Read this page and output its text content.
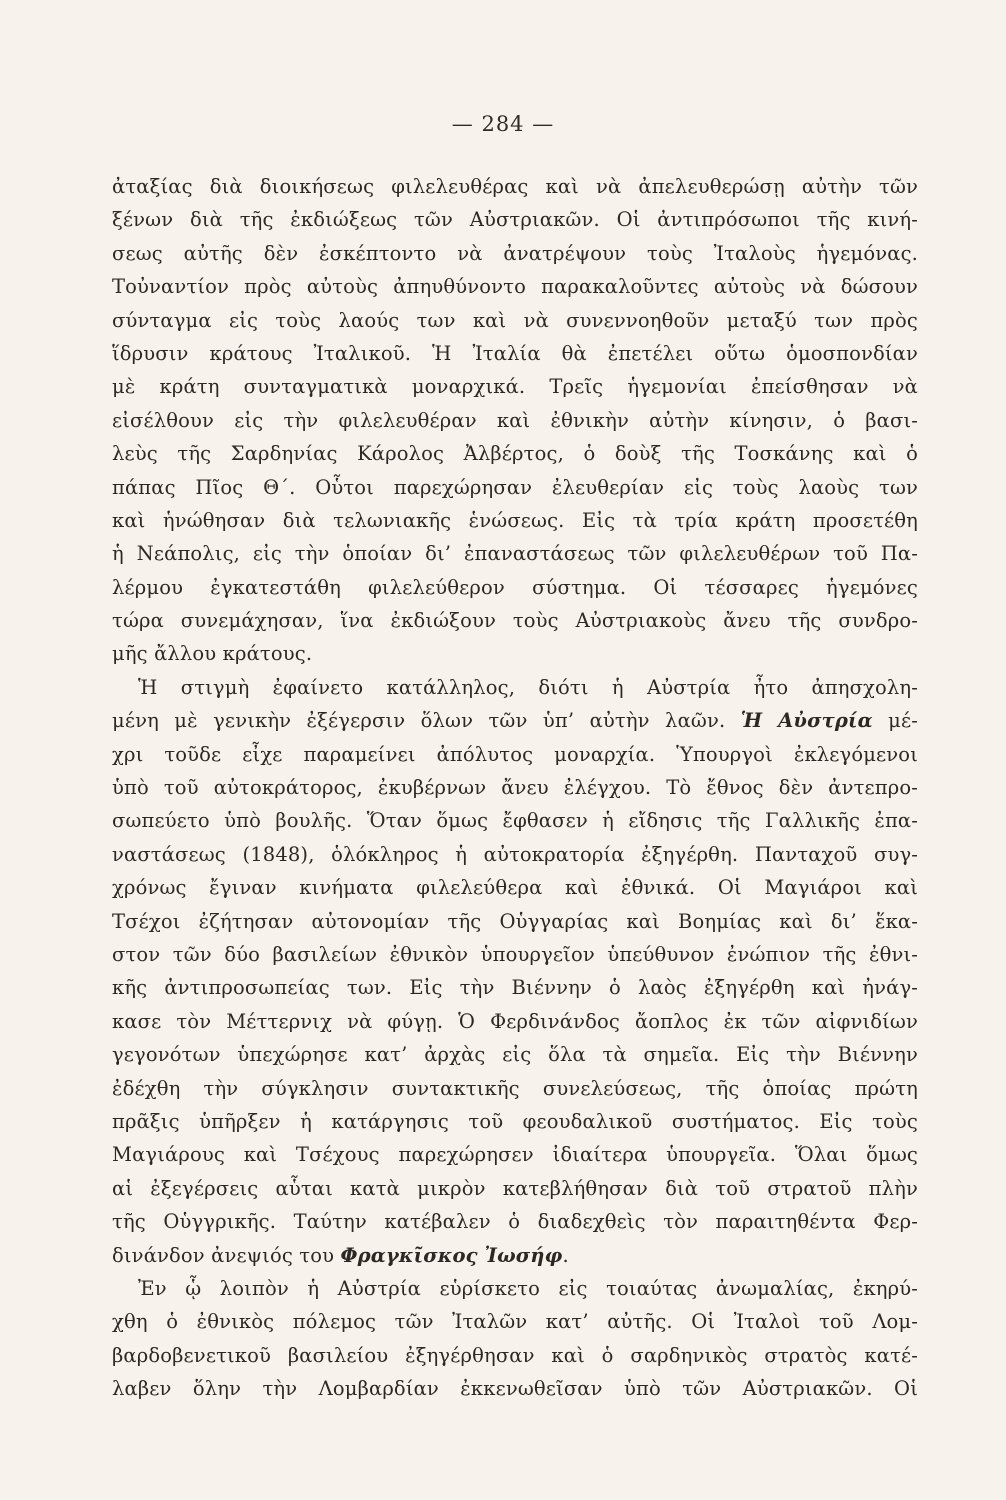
— 284 —
ἀταξίας διὰ διοικήσεως φιλελευθέρας καὶ νὰ ἀπελευθερώσῃ αὐτὴν τῶν
ξένων διὰ τῆς ἐκδιώξεως τῶν Αὐστριακῶν. Οἱ ἀντιπρόσωποι τῆς κινή-
σεως αὐτῆς δὲν ἐσκέπτοντο νὰ ἀνατρέψουν τοὺς Ἰταλοὺς ἡγεμόνας.
Τοὐναντίον πρὸς αὐτοὺς ἀπηυθύνοντο παρακαλοῦντες αὐτοὺς νὰ δώσουν
σύνταγμα εἰς τοὺς λαούς των καὶ νὰ συνεννοηθοῦν μεταξύ των πρὸς
ἵδρυσιν κράτους Ἰταλικοῦ. Ἡ Ἰταλία θὰ ἐπετέλει οὕτω ὁμοσπονδίαν
μὲ κράτη συνταγματικὰ μοναρχικά. Τρεῖς ἡγεμονίαι ἐπείσθησαν νὰ
εἰσέλθουν εἰς τὴν φιλελευθέραν καὶ ἐθνικὴν αὐτὴν κίνησιν, ὁ βασι-
λεὺς τῆς Σαρδηνίας Κάρολος Ἀλβέρτος, ὁ δοὺξ τῆς Τοσκάνης καὶ ὁ
πάπας Πῖος Θ΄. Οὗτοι παρεχώρησαν ἐλευθερίαν εἰς τοὺς λαοὺς των
καὶ ἡνώθησαν διὰ τελωνιακῆς ἑνώσεως. Εἰς τὰ τρία κράτη προσετέθη
ἡ Νεάπολις, εἰς τὴν ὁποίαν δι’ ἐπαναστάσεως τῶν φιλελευθέρων τοῦ Πα-
λέρμου ἐγκατεστάθη φιλελεύθερον σύστημα. Οἱ τέσσαρες ἡγεμόνες
τώρα συνεμάχησαν, ἵνα ἐκδιώξουν τοὺς Αὐστριακοὺς ἄνευ τῆς συνδρο-
μῆς ἄλλου κράτους.
Ἡ στιγμὴ ἐφαίνετο κατάλληλος, διότι ἡ Αὐστρία ἦτο ἀπησχολη-
μένη μὲ γενικὴν ἐξέγερσιν ὅλων τῶν ὑπ’ αὐτὴν λαῶν. Ἡ Αὐστρία μέ-
χρι τοῦδε εἶχε παραμείνει ἀπόλυτος μοναρχία. Ὑπουργοὶ ἐκλεγόμενοι
ὑπὸ τοῦ αὐτοκράτορος, ἐκυβέρνων ἄνευ ἐλέγχου. Τὸ ἔθνος δὲν ἀντεπρο-
σωπεύετο ὑπὸ βουλῆς. Ὅταν ὅμως ἔφθασεν ἡ εἴδησις τῆς Γαλλικῆς ἐπα-
ναστάσεως (1848), ὁλόκληρος ἡ αὐτοκρατορία ἐξηγέρθη. Πανταχοῦ συγ-
χρόνως ἔγιναν κινήματα φιλελεύθερα καὶ ἐθνικά. Οἱ Μαγιάροι καὶ
Τσέχοι ἐζήτησαν αὐτονομίαν τῆς Οὑγγαρίας καὶ Βοημίας καὶ δι’ ἕκα-
στον τῶν δύο βασιλείων ἐθνικὸν ὑπουργεῖον ὑπεύθυνον ἐνώπιον τῆς ἐθνι-
κῆς ἀντιπροσωπείας των. Εἰς τὴν Βιέννην ὁ λαὸς ἐξηγέρθη καὶ ἠνάγ-
κασε τὸν Μέττερνιχ νὰ φύγῃ. Ὁ Φερδινάνδος ἄοπλος ἐκ τῶν αἰφνιδίων
γεγονότων ὑπεχώρησε κατ’ ἀρχὰς εἰς ὅλα τὰ σημεῖα. Εἰς τὴν Βιέννην
ἐδέχθη τὴν σύγκλησιν συντακτικῆς συνελεύσεως, τῆς ὁποίας πρώτη
πρᾶξις ὑπῆρξεν ἡ κατάργησις τοῦ φεουδαλικοῦ συστήματος. Εἰς τοὺς
Μαγιάρους καὶ Τσέχους παρεχώρησεν ἰδιαίτερα ὑπουργεῖα. Ὅλαι ὅμως
αἱ ἐξεγέρσεις αὗται κατὰ μικρὸν κατεβλήθησαν διὰ τοῦ στρατοῦ πλὴν
τῆς Οὑγγρικῆς. Ταύτην κατέβαλεν ὁ διαδεχθεὶς τὸν παραιτηθέντα Φερ-
δινάνδον ἀνεψιός του Φραγκῖσκος Ἰωσήφ.
Ἐν ᾧ λοιπὸν ἡ Αὐστρία εὑρίσκετο εἰς τοιαύτας ἀνωμαλίας, ἐκηρύ-
χθη ὁ ἐθνικὸς πόλεμος τῶν Ἰταλῶν κατ’ αὐτῆς. Οἱ Ἰταλοὶ τοῦ Λομ-
βαρδοβενετικοῦ βασιλείου ἐξηγέρθησαν καὶ ὁ σαρδηνικὸς στρατὸς κατέ-
λαβεν ὅλην τὴν Λομβαρδίαν ἐκκενωθεῖσαν ὑπὸ τῶν Αὐστριακῶν. Οἱ
